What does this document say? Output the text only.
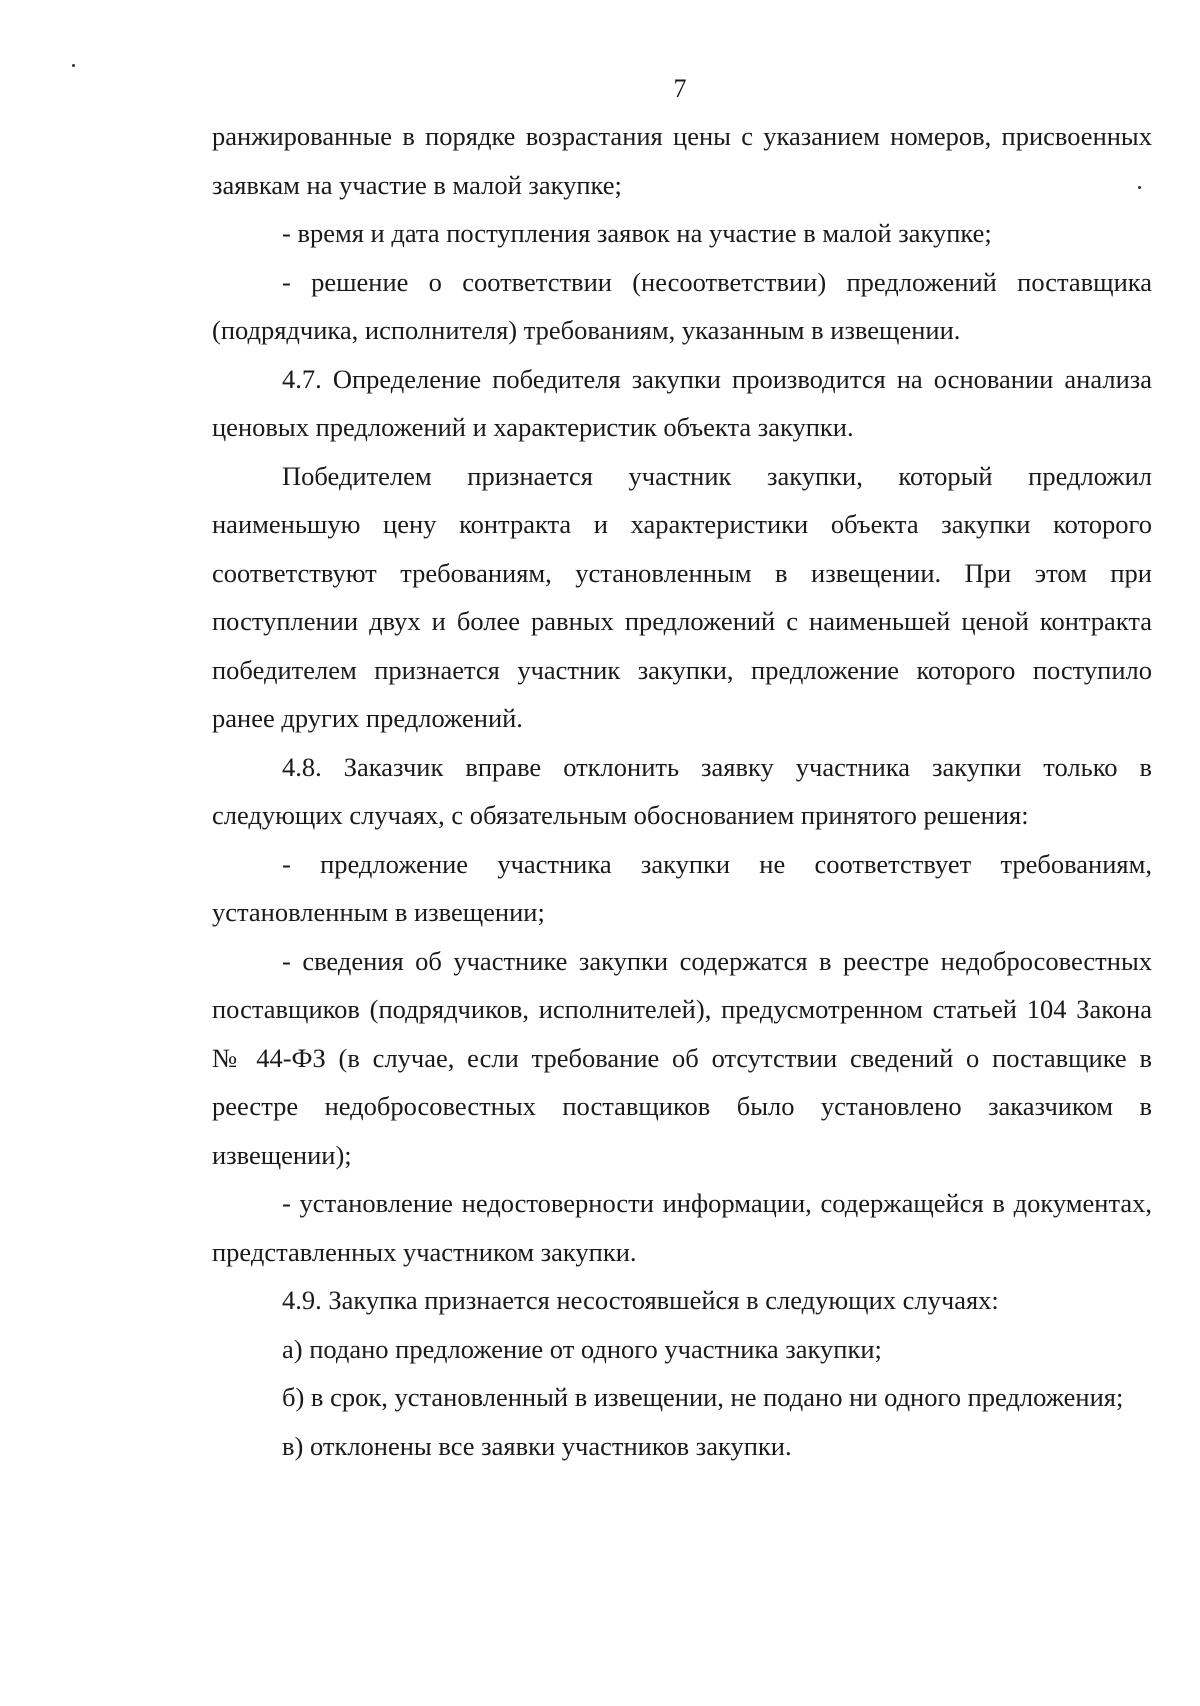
7

ранжированные в порядке возрастания цены с указанием номеров, присвоенных заявкам на участие в малой закупке;

- время и дата поступления заявок на участие в малой закупке;

- решение о соответствии (несоответствии) предложений поставщика (подрядчика, исполнителя) требованиям, указанным в извещении.

4.7. Определение победителя закупки производится на основании анализа ценовых предложений и характеристик объекта закупки.

Победителем признается участник закупки, который предложил наименьшую цену контракта и характеристики объекта закупки которого соответствуют требованиям, установленным в извещении. При этом при поступлении двух и более равных предложений с наименьшей ценой контракта победителем признается участник закупки, предложение которого поступило ранее других предложений.

4.8. Заказчик вправе отклонить заявку участника закупки только в следующих случаях, с обязательным обоснованием принятого решения:

- предложение участника закупки не соответствует требованиям, установленным в извещении;

- сведения об участнике закупки содержатся в реестре недобросовестных поставщиков (подрядчиков, исполнителей), предусмотренном статьей 104 Закона № 44-ФЗ (в случае, если требование об отсутствии сведений о поставщике в реестре недобросовестных поставщиков было установлено заказчиком в извещении);

- установление недостоверности информации, содержащейся в документах, представленных участником закупки.

4.9. Закупка признается несостоявшейся в следующих случаях:

а) подано предложение от одного участника закупки;

б) в срок, установленный в извещении, не подано ни одного предложения;

в) отклонены все заявки участников закупки.
